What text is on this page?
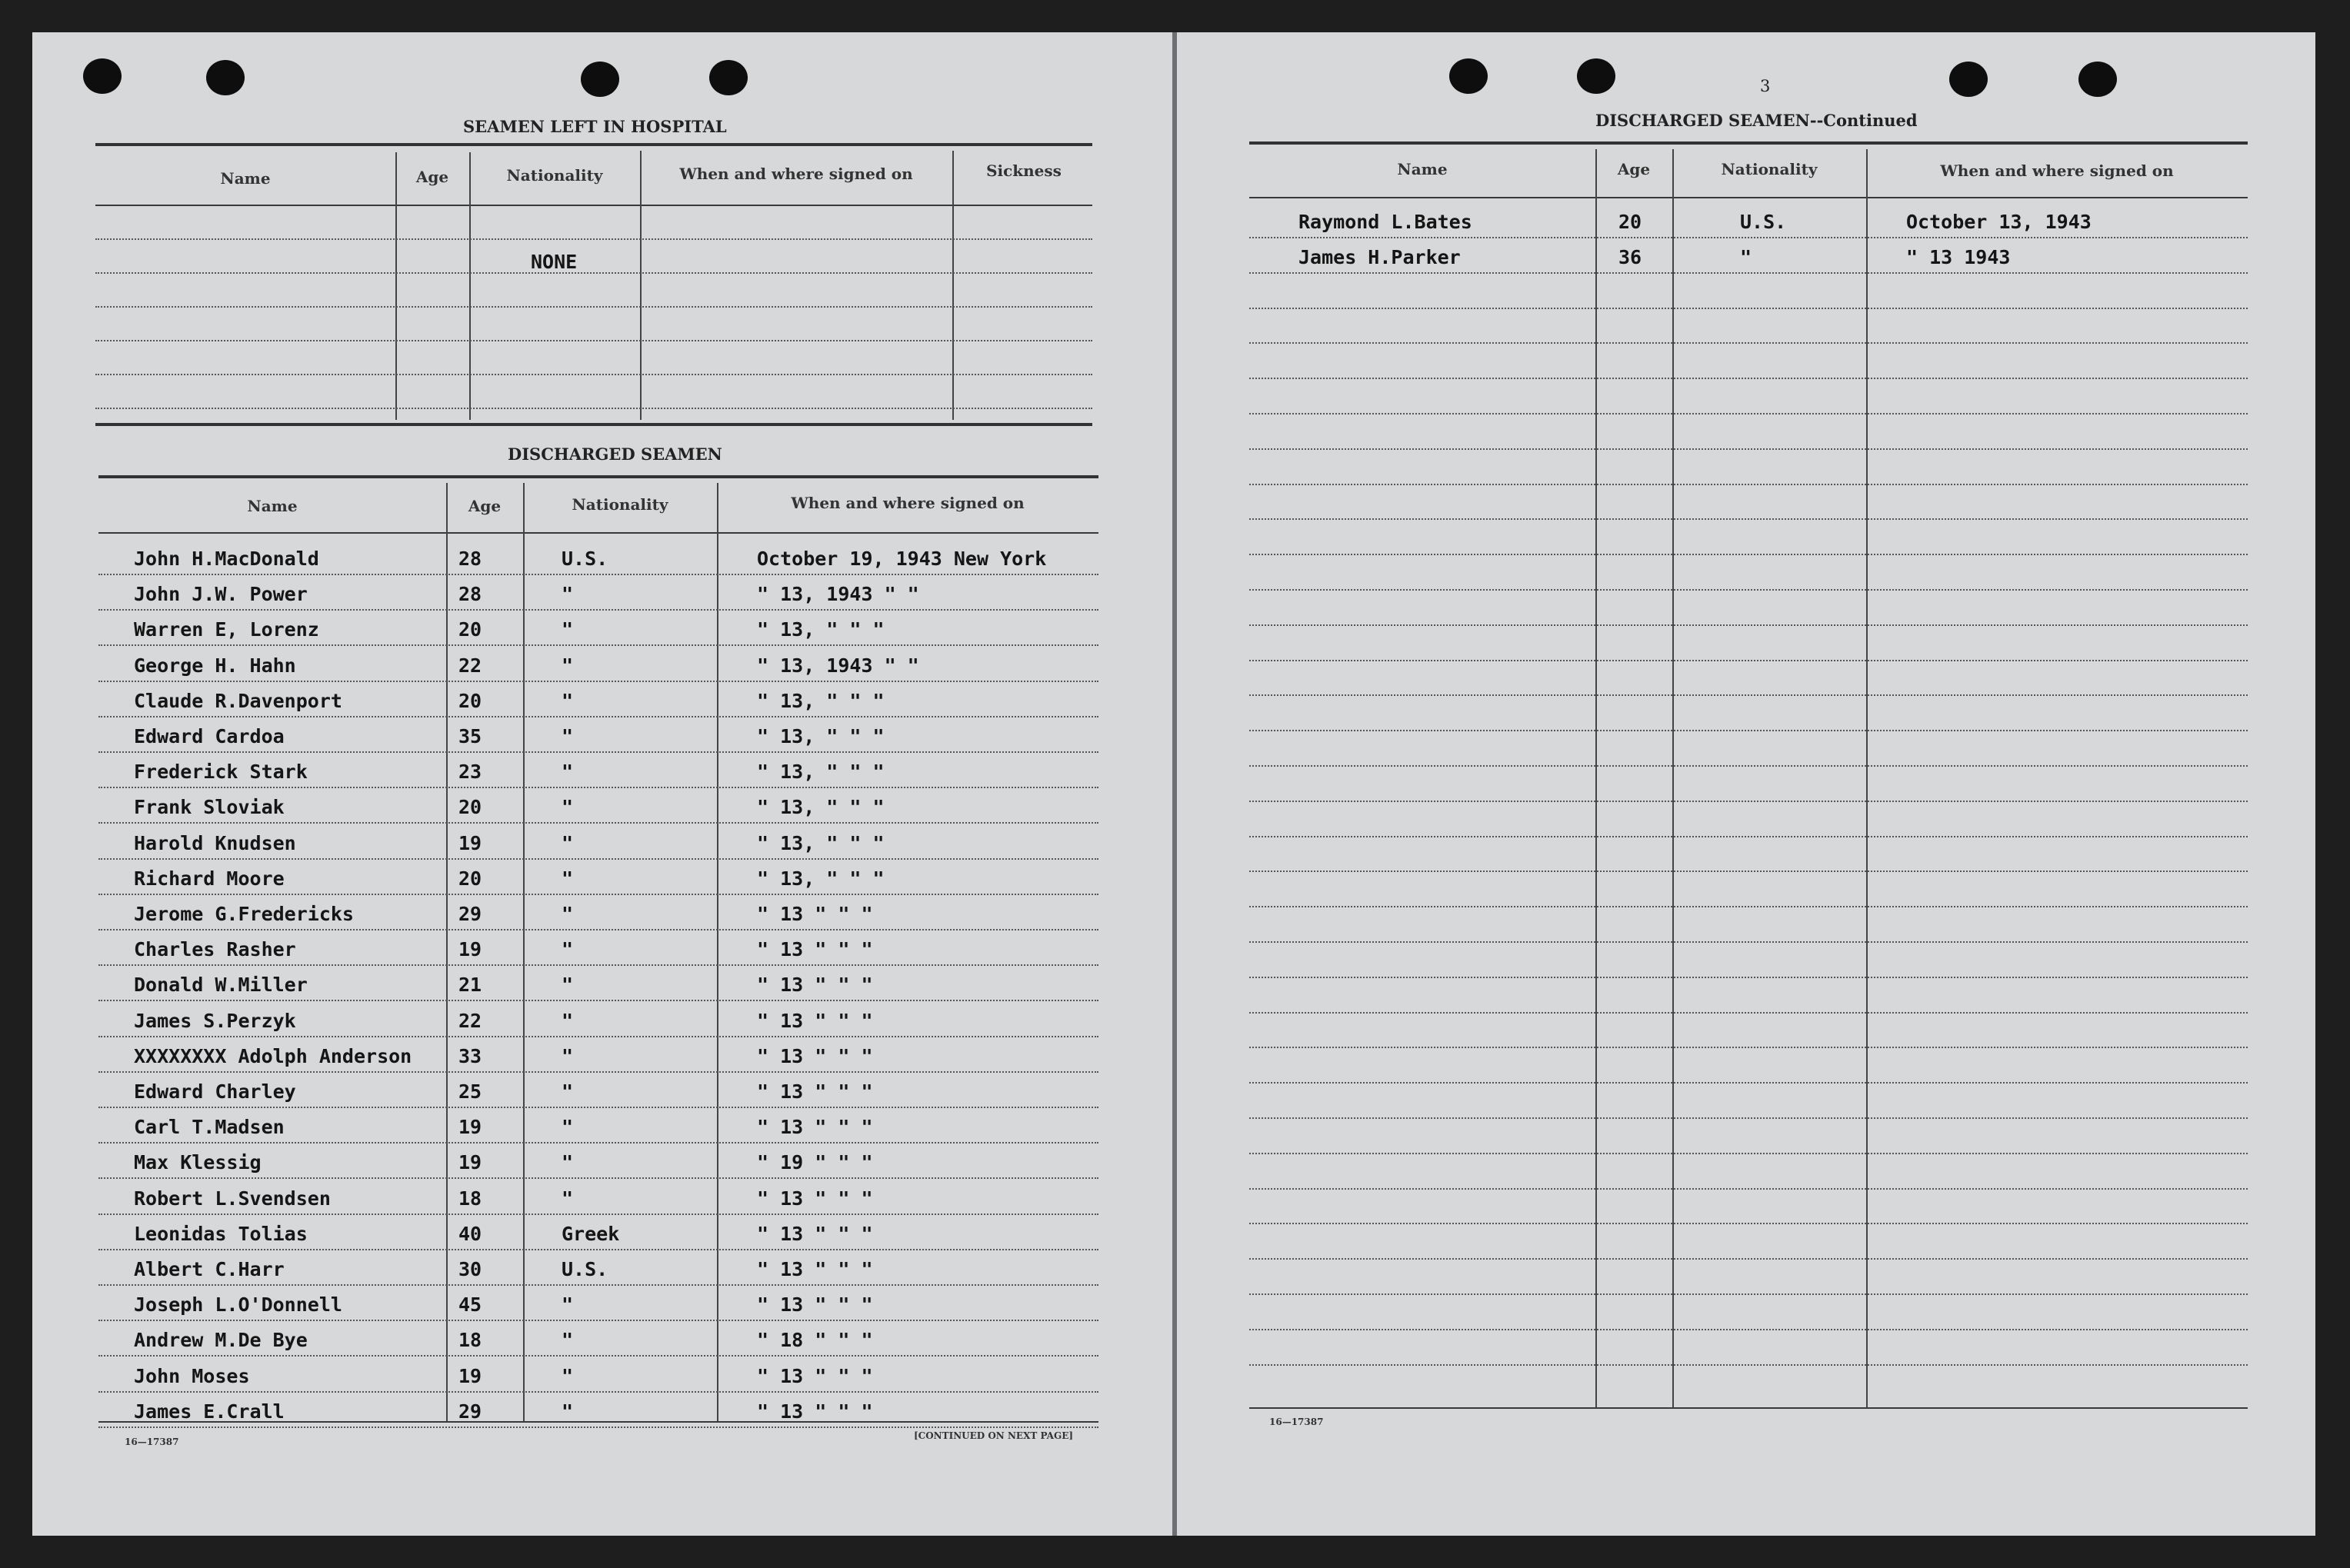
SEAMEN LEFT IN HOSPITAL
Name	Age	Nationality	When and where signed on	Sickness
NONE
DISCHARGED SEAMEN
Name	Age	Nationality	When and where signed on
John H.MacDonald	28	U.S.	October 19, 1943 New York
John J.W. Power	28	"	" 13, 1943 " "
Warren E, Lorenz	20	"	" 13, " " "
George H. Hahn	22	"	" 13, 1943 " "
Claude R.Davenport	20	"	" 13, " " "
Edward Cardoa	35	"	" 13, " " "
Frederick Stark	23	"	" 13, " " "
Frank Sloviak	20	"	" 13, " " "
Harold Knudsen	19	"	" 13, " " "
Richard Moore	20	"	" 13, " " "
Jerome G.Fredericks	29	"	" 13 " " "
Charles Rasher	19	"	" 13 " " "
Donald W.Miller	21	"	" 13 " " "
James S.Perzyk	22	"	" 13 " " "
XXXXXXXX Adolph Anderson 33	"	" 13 " " "
Edward Charley	25	"	" 13 " " "
Carl T.Madsen	19	"	" 13 " " "
Max Klessig	19	"	" 19 " " "
Robert L.Svendsen	18	"	" 13 " " "
Leonidas Tolias	40	Greek	" 13 " " "
Albert C.Harr	30	U.S.	" 13 " " "
Joseph L.O'Donnell	45	"	" 13 " " "
Andrew M.De Bye	18	"	" 18 " " "
John Moses	19	"	" 13 " " "
James E.Crall	29	"	" 13 " " "
16—17387
[CONTINUED ON NEXT PAGE]
3
DISCHARGED SEAMEN--Continued
Name	Age	Nationality	When and where signed on
Raymond L.Bates	20	U.S.	October 13, 1943
James H.Parker	36	"	" 13 1943
16—17387
